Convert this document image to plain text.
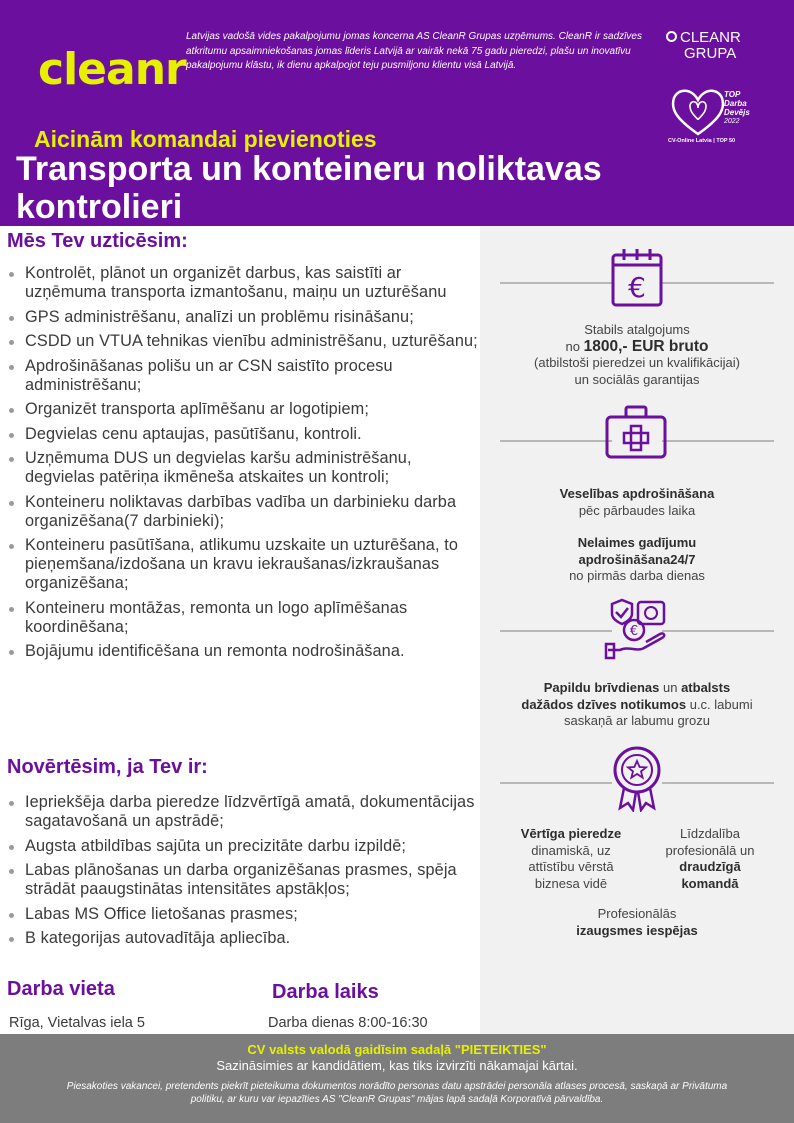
cleanr
Latvijas vadošā vides pakalpojumu jomas koncerna AS CleanR Grupas uzņēmums. CleanR ir sadzīves atkritumu apsaimniekošanas jomas līderis Latvijā ar vairāk nekā 75 gadu pieredzi, plašu un inovatīvu pakalpojumu klāstu, ik dienu apkalpojot teju pusmiljonu klientu visā Latvijā.
CLEANR
GRUPA
TOP
Darba
Devējs
2022
CV-Online Latvia | TOP 50
Aicinām komandai pievienoties
Transporta un konteineru noliktavas kontrolieri
€
Stabils atalgojums
no 1800,- EUR bruto
(atbilstoši pieredzei un kvalifikācijai)
un sociālās garantijas
Veselības apdrošināšana
pēc pārbaudes laika
Nelaimes gadījumu
apdrošināšana24/7
no pirmās darba dienas
€
Papildu brīvdienas un atbalsts
dažādos dzīves notikumos u.c. labumi
saskaņā ar labumu grozu
Vērtīga pieredze
dinamiskā, uz
attīstību vērstā
biznesa vidē
Līdzdalība
profesionālā un
draudzīgā
komandā
Profesionālās
izaugsmes iespējas
Mēs Tev uzticēsim:
Kontrolēt, plānot un organizēt darbus, kas saistīti ar uzņēmuma transporta izmantošanu, maiņu un uzturēšanu
GPS administrēšanu, analīzi un problēmu risināšanu;
CSDD un VTUA tehnikas vienību administrēšanu, uzturēšanu;
Apdrošināšanas polišu un ar CSN saistīto procesu administrēšanu;
Organizēt transporta aplīmēšanu ar logotipiem;
Degvielas cenu aptaujas, pasūtīšanu, kontroli.
Uzņēmuma DUS un degvielas karšu administrēšanu, degvielas patēriņa ikmēneša atskaites un kontroli;
Konteineru noliktavas darbības vadība un darbinieku darba organizēšana(7 darbinieki);
Konteineru pasūtīšana, atlikumu uzskaite un uzturēšana, to pieņemšana/izdošana un kravu iekraušanas/izkraušanas organizēšana;
Konteineru montāžas, remonta un logo aplīmēšanas koordinēšana;
Bojājumu identificēšana un remonta nodrošināšana.
Novērtēsim, ja Tev ir:
Iepriekšēja darba pieredze līdzvērtīgā amatā, dokumentācijas sagatavošanā un apstrādē;
Augsta atbildības sajūta un precizitāte darbu izpildē;
Labas plānošanas un darba organizēšanas prasmes, spēja strādāt paaugstinātas intensitātes apstākļos;
Labas MS Office lietošanas prasmes;
B kategorijas autovadītāja apliecība.
Darba vieta
Rīga, Vietalvas iela 5
Darba laiks
Darba dienas 8:00-16:30
CV valsts valodā gaidīsim sadaļā "PIETEIKTIES"
Sazināsimies ar kandidātiem, kas tiks izvirzīti nākamajai kārtai.
Piesakoties vakancei, pretendents piekrīt pieteikuma dokumentos norādīto personas datu apstrādei personāla atlases procesā, saskaņā ar Privātuma politiku, ar kuru var iepazīties AS "CleanR Grupas" mājas lapā sadaļā Korporatīvā pārvaldība.
